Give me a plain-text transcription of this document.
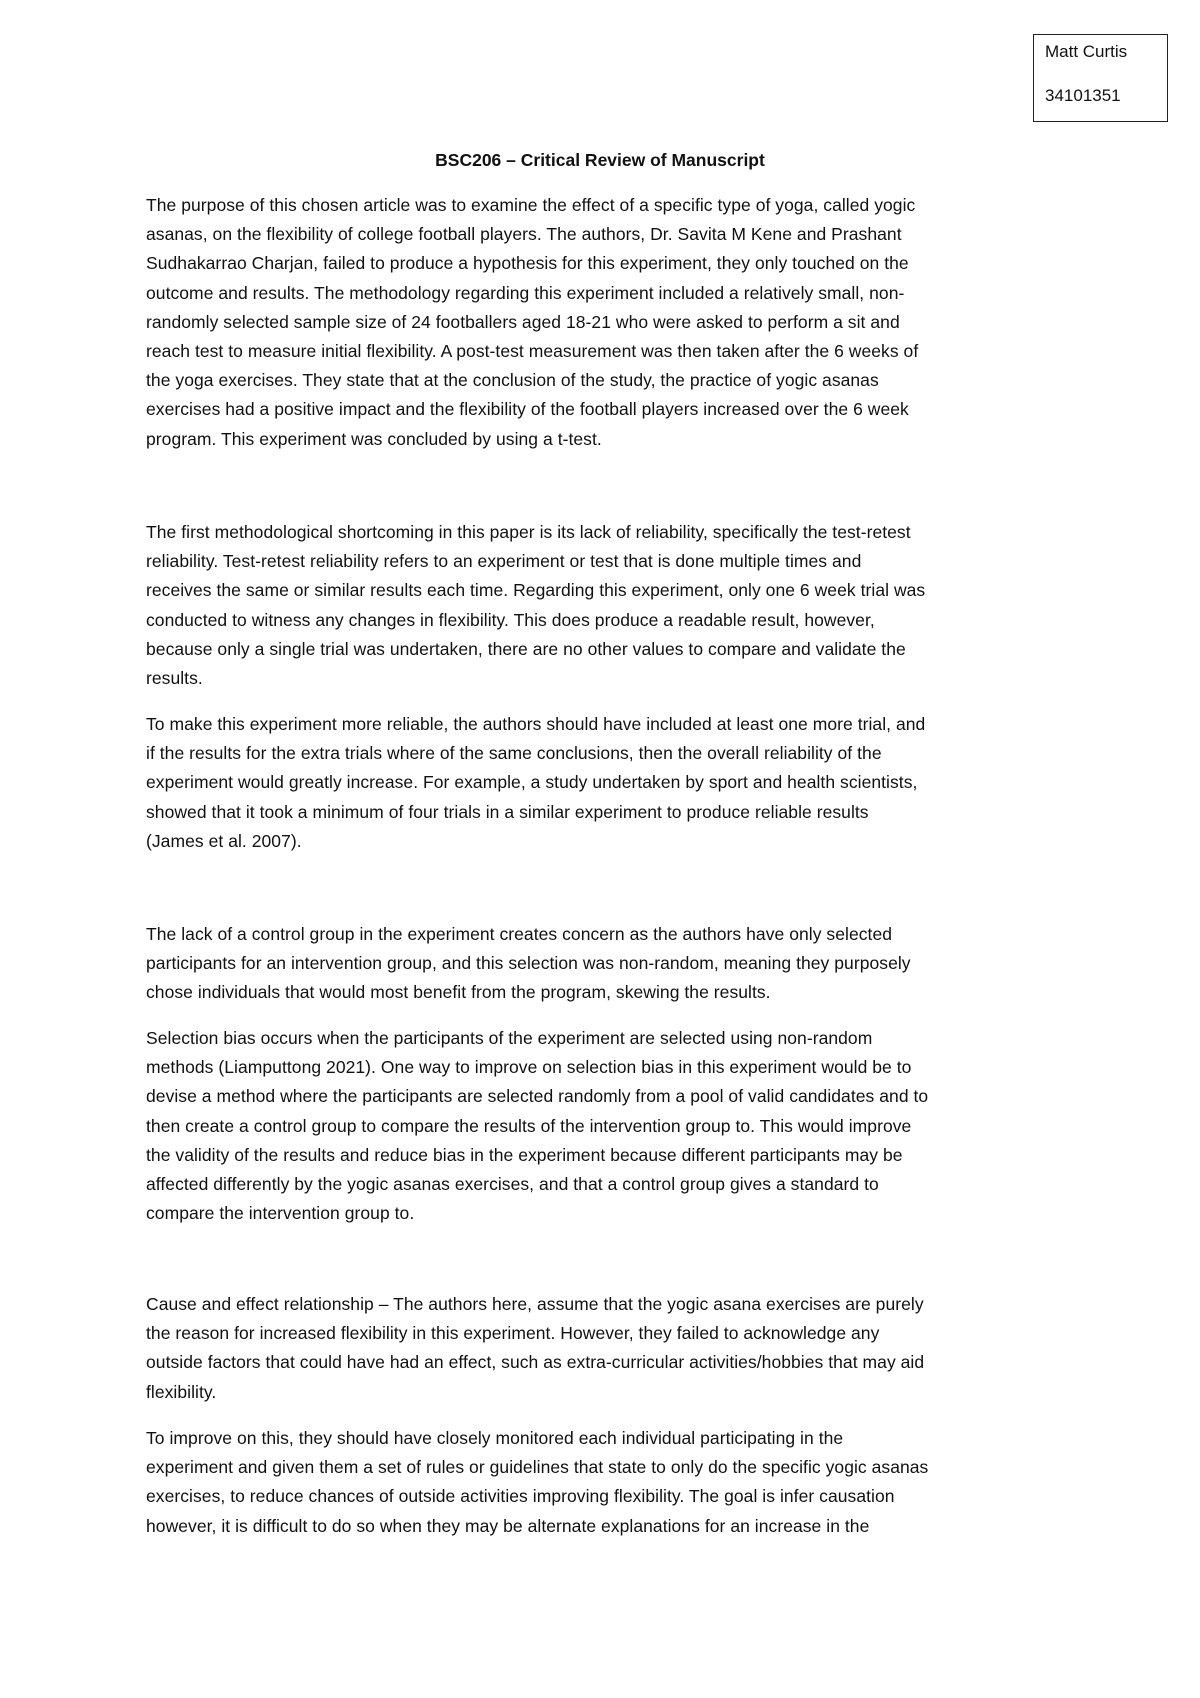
Matt Curtis
34101351
BSC206 – Critical Review of Manuscript
The purpose of this chosen article was to examine the effect of a specific type of yoga, called yogic
asanas, on the flexibility of college football players. The authors, Dr. Savita M Kene and Prashant
Sudhakarrao Charjan, failed to produce a hypothesis for this experiment, they only touched on the
outcome and results. The methodology regarding this experiment included a relatively small, non-
randomly selected sample size of 24 footballers aged 18-21 who were asked to perform a sit and
reach test to measure initial flexibility. A post-test measurement was then taken after the 6 weeks of
the yoga exercises. They state that at the conclusion of the study, the practice of yogic asanas
exercises had a positive impact and the flexibility of the football players increased over the 6 week
program. This experiment was concluded by using a t-test.
The first methodological shortcoming in this paper is its lack of reliability, specifically the test-retest
reliability. Test-retest reliability refers to an experiment or test that is done multiple times and
receives the same or similar results each time. Regarding this experiment, only one 6 week trial was
conducted to witness any changes in flexibility. This does produce a readable result, however,
because only a single trial was undertaken, there are no other values to compare and validate the
results.
To make this experiment more reliable, the authors should have included at least one more trial, and
if the results for the extra trials where of the same conclusions, then the overall reliability of the
experiment would greatly increase. For example, a study undertaken by sport and health scientists,
showed that it took a minimum of four trials in a similar experiment to produce reliable results
(James et al. 2007).
The lack of a control group in the experiment creates concern as the authors have only selected
participants for an intervention group, and this selection was non-random, meaning they purposely
chose individuals that would most benefit from the program, skewing the results.
Selection bias occurs when the participants of the experiment are selected using non-random
methods (Liamputtong 2021). One way to improve on selection bias in this experiment would be to
devise a method where the participants are selected randomly from a pool of valid candidates and to
then create a control group to compare the results of the intervention group to. This would improve
the validity of the results and reduce bias in the experiment because different participants may be
affected differently by the yogic asanas exercises, and that a control group gives a standard to
compare the intervention group to.
Cause and effect relationship – The authors here, assume that the yogic asana exercises are purely
the reason for increased flexibility in this experiment. However, they failed to acknowledge any
outside factors that could have had an effect, such as extra-curricular activities/hobbies that may aid
flexibility.
To improve on this, they should have closely monitored each individual participating in the
experiment and given them a set of rules or guidelines that state to only do the specific yogic asanas
exercises, to reduce chances of outside activities improving flexibility. The goal is infer causation
however, it is difficult to do so when they may be alternate explanations for an increase in the
